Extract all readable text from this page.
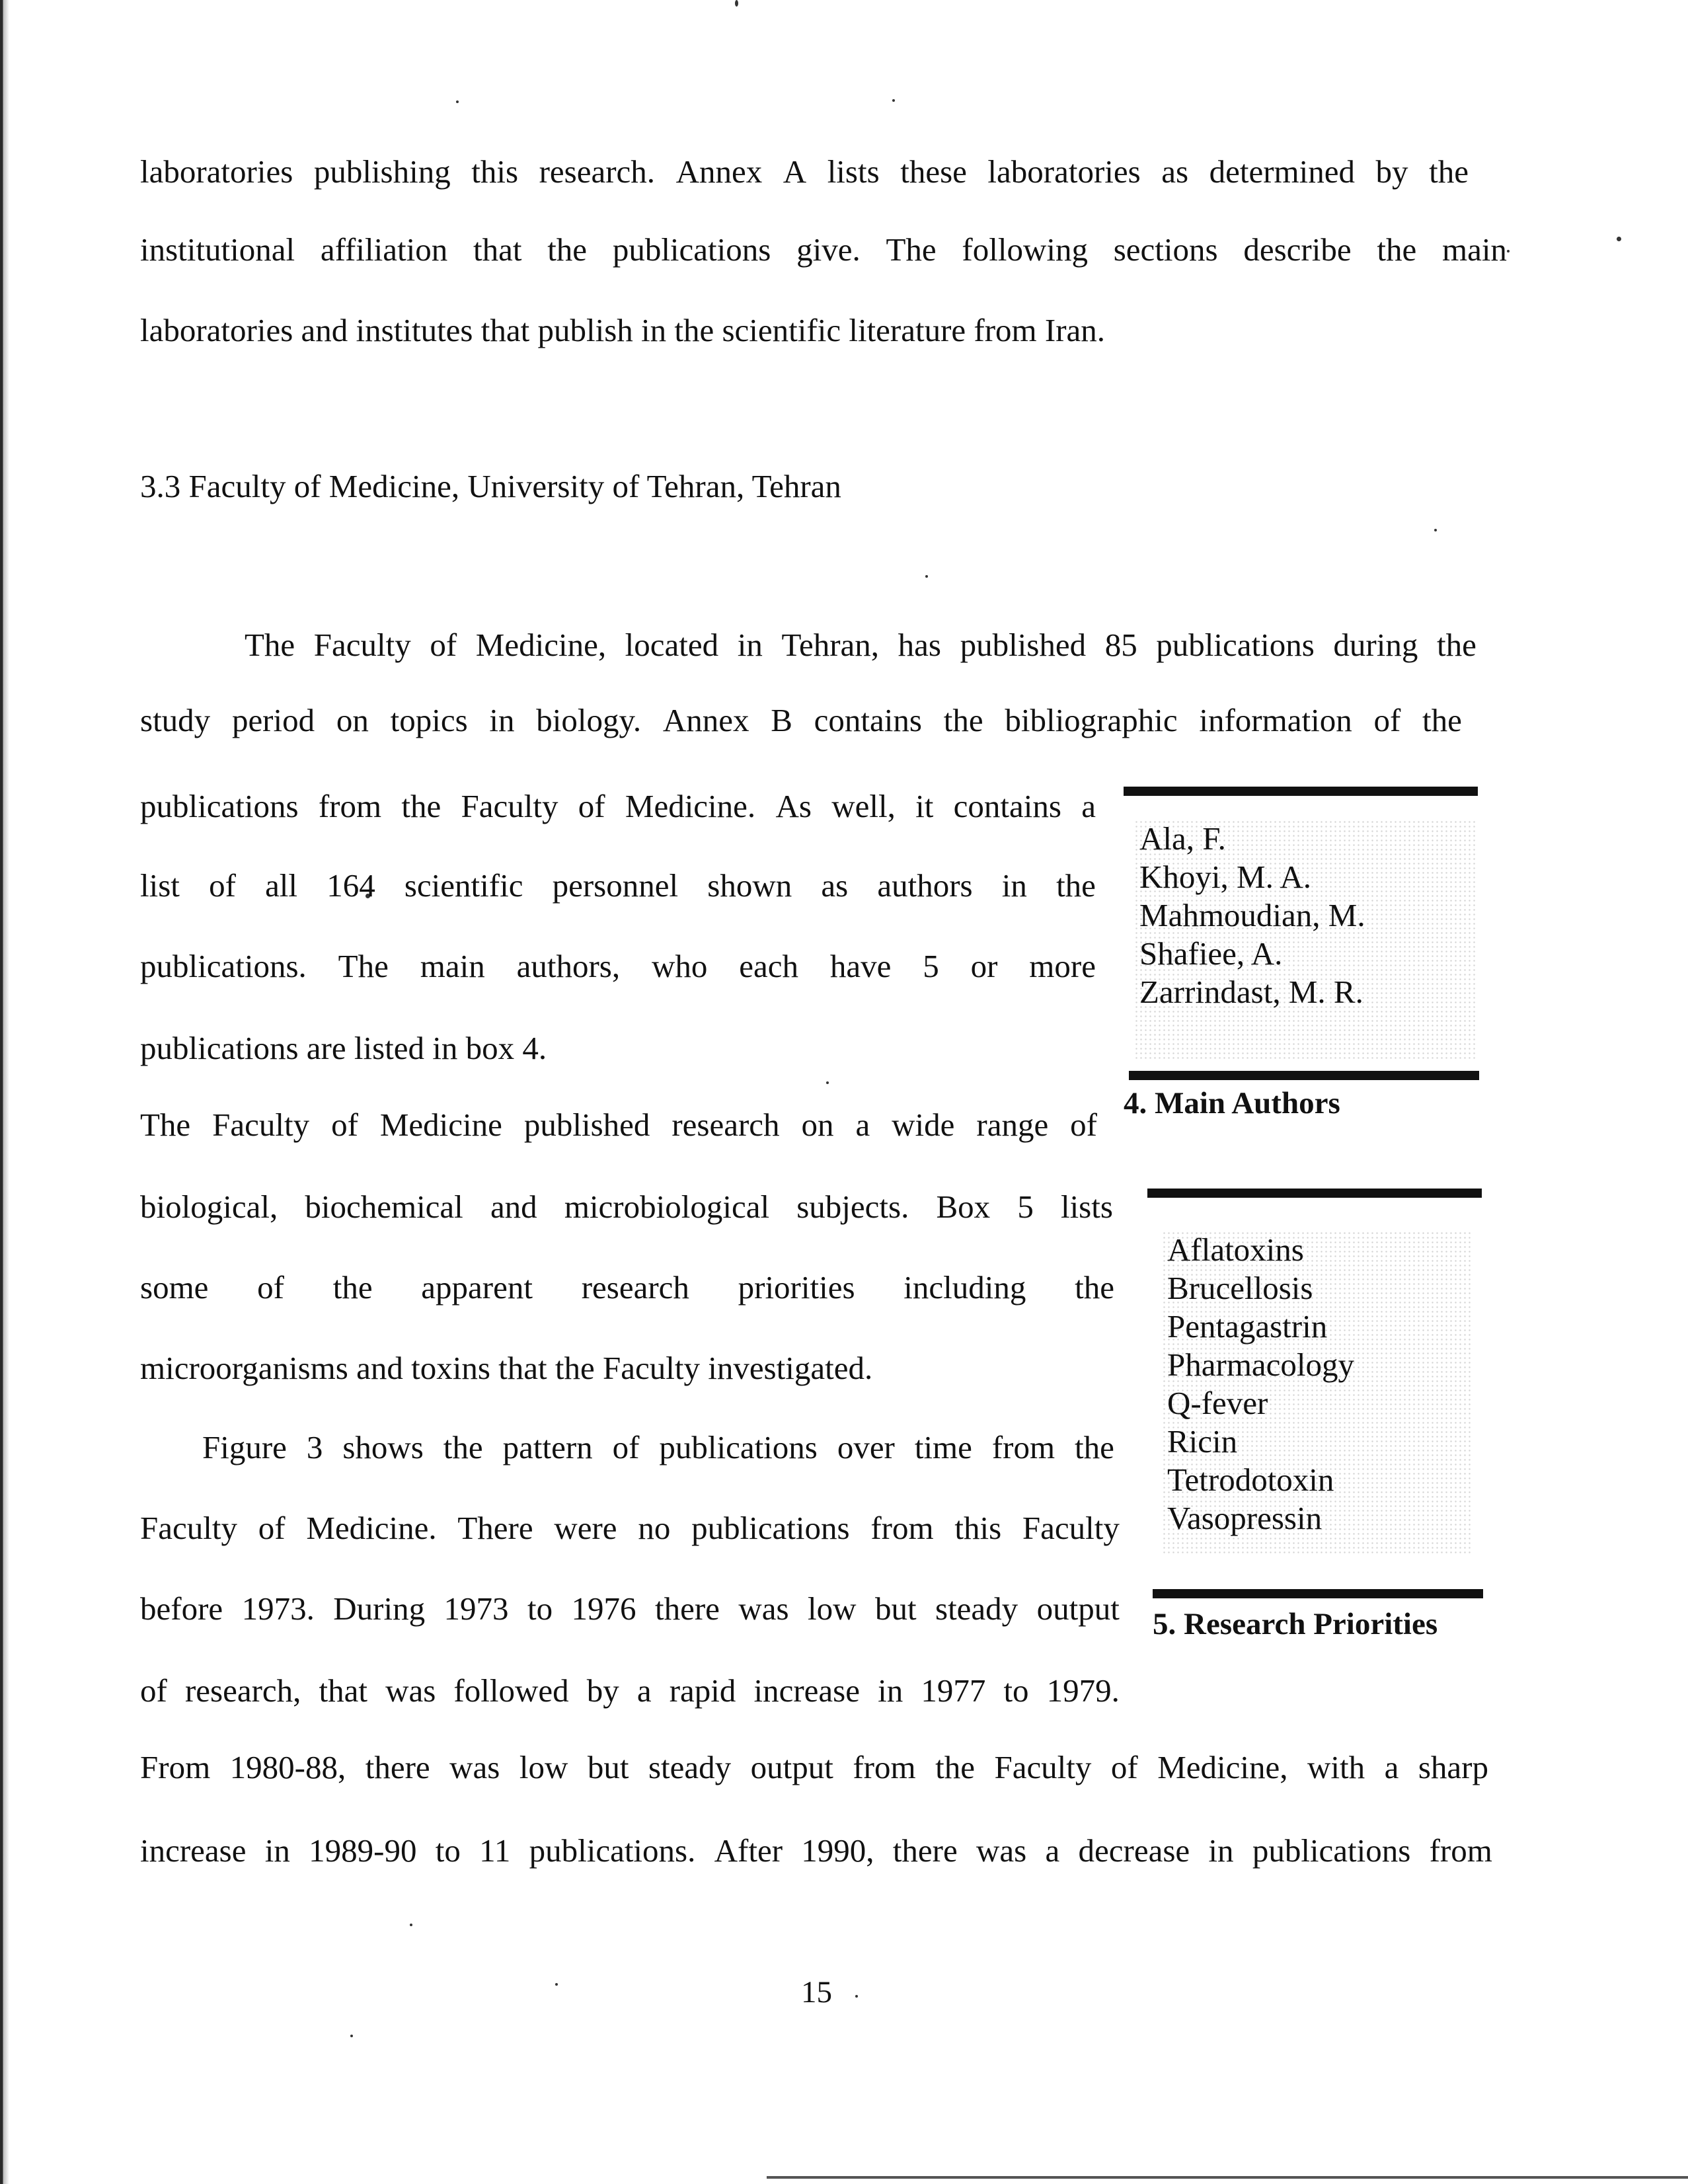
laboratories publishing this research. Annex A lists these laboratories as determined by the
institutional affiliation that the publications give. The following sections describe the main
laboratories and institutes that publish in the scientific literature from Iran.
3.3 Faculty of Medicine, University of Tehran, Tehran
The Faculty of Medicine, located in Tehran, has published 85 publications during the
study period on topics in biology. Annex B contains the bibliographic information of the
publications from the Faculty of Medicine. As well, it contains a
list of all 164 scientific personnel shown as authors in the
publications. The main authors, who each have 5 or more
publications are listed in box 4.
The Faculty of Medicine published research on a wide range of
biological, biochemical and microbiological subjects. Box 5 lists
some of the apparent research priorities including the
microorganisms and toxins that the Faculty investigated.
Figure 3 shows the pattern of publications over time from the
Faculty of Medicine. There were no publications from this Faculty
before 1973. During 1973 to 1976 there was low but steady output
of research, that was followed by a rapid increase in 1977 to 1979.
From 1980-88, there was low but steady output from the Faculty of Medicine, with a sharp
increase in 1989-90 to 11 publications. After 1990, there was a decrease in publications from
Ala, F.
Khoyi, M. A.
Mahmoudian, M.
Shafiee, A.
Zarrindast, M. R.
4. Main Authors
Aflatoxins
Brucellosis
Pentagastrin
Pharmacology
Q-fever
Ricin
Tetrodotoxin
Vasopressin
5. Research Priorities
15
